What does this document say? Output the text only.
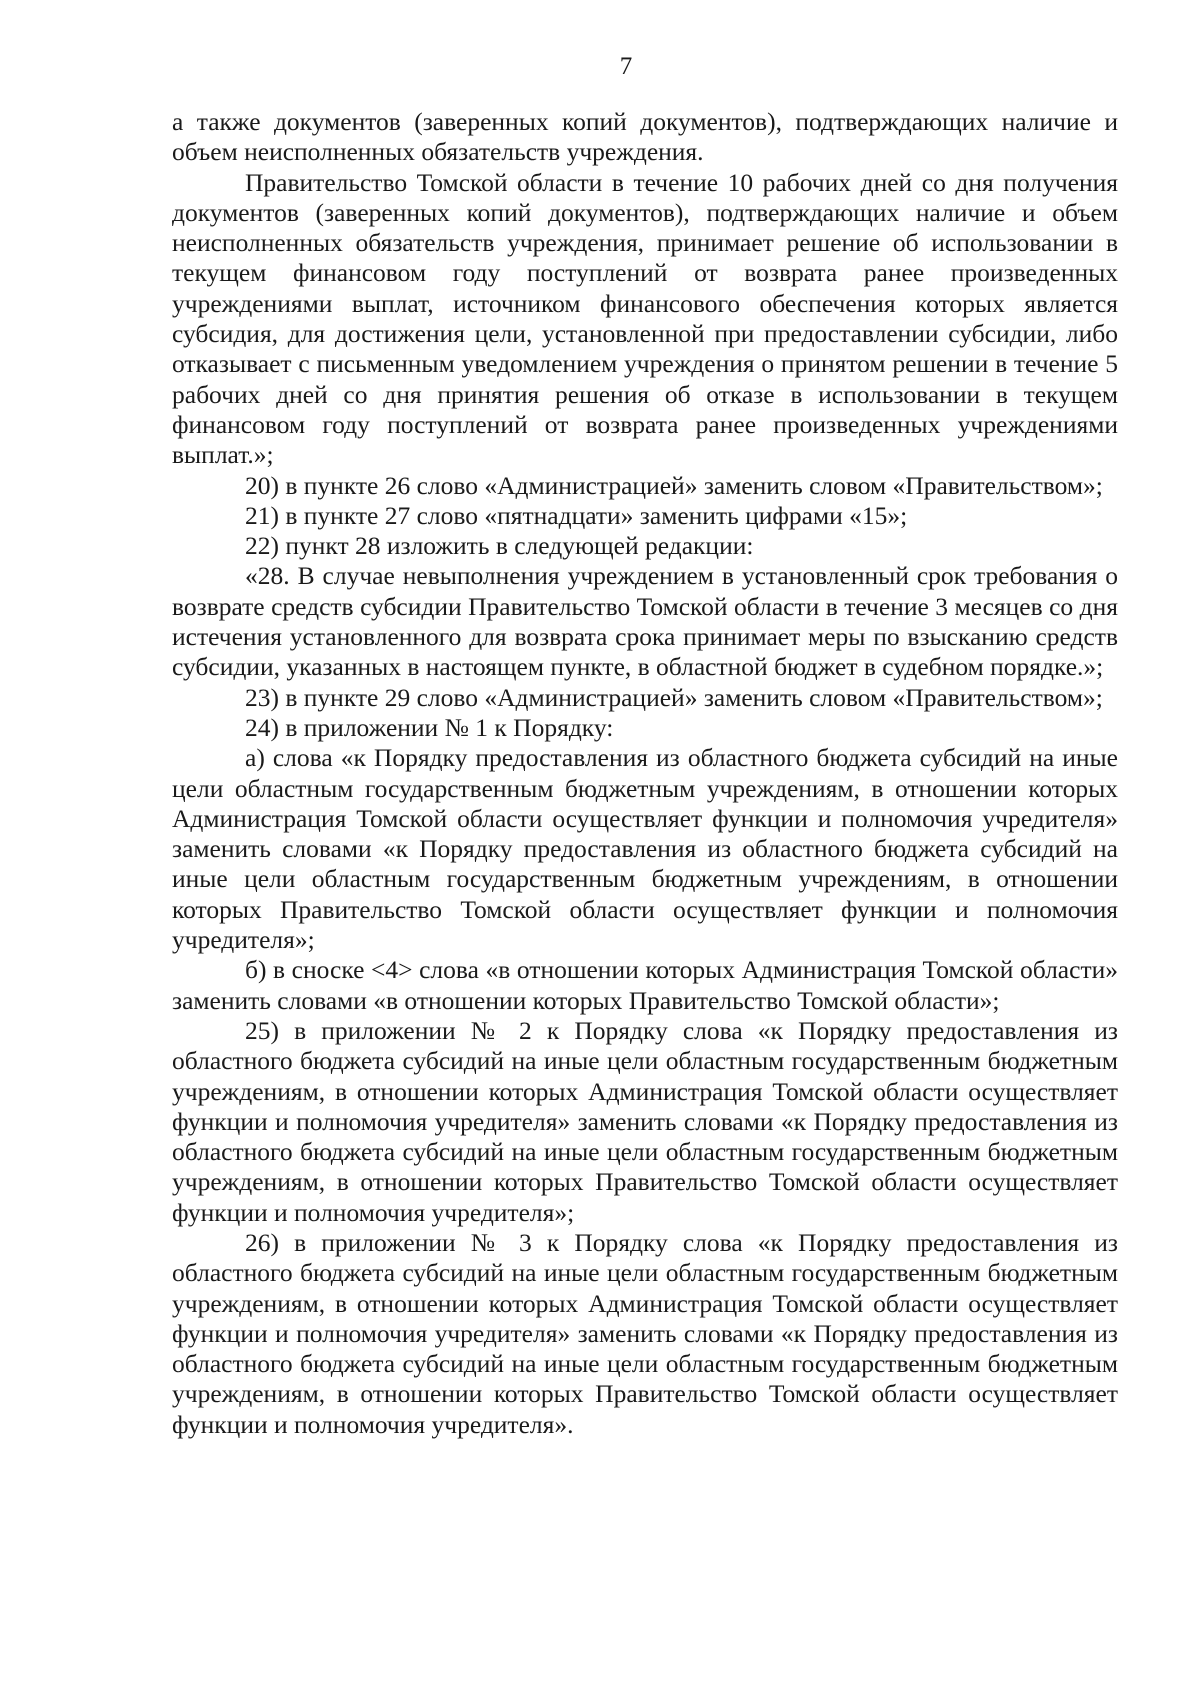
7

а также документов (заверенных копий документов), подтверждающих наличие и объем неисполненных обязательств учреждения.

Правительство Томской области в течение 10 рабочих дней со дня получения документов (заверенных копий документов), подтверждающих наличие и объем неисполненных обязательств учреждения, принимает решение об использовании в текущем финансовом году поступлений от возврата ранее произведенных учреждениями выплат, источником финансового обеспечения которых является субсидия, для достижения цели, установленной при предоставлении субсидии, либо отказывает с письменным уведомлением учреждения о принятом решении в течение 5 рабочих дней со дня принятия решения об отказе в использовании в текущем финансовом году поступлений от возврата ранее произведенных учреждениями выплат.»;

20) в пункте 26 слово «Администрацией» заменить словом «Правительством»;

21) в пункте 27 слово «пятнадцати» заменить цифрами «15»;

22) пункт 28 изложить в следующей редакции:

«28. В случае невыполнения учреждением в установленный срок требования о возврате средств субсидии Правительство Томской области в течение 3 месяцев со дня истечения установленного для возврата срока принимает меры по взысканию средств субсидии, указанных в настоящем пункте, в областной бюджет в судебном порядке.»;

23) в пункте 29 слово «Администрацией» заменить словом «Правительством»;

24) в приложении № 1 к Порядку:

а) слова «к Порядку предоставления из областного бюджета субсидий на иные цели областным государственным бюджетным учреждениям, в отношении которых Администрация Томской области осуществляет функции и полномочия учредителя» заменить словами «к Порядку предоставления из областного бюджета субсидий на иные цели областным государственным бюджетным учреждениям, в отношении которых Правительство Томской области осуществляет функции и полномочия учредителя»;

б) в сноске <4> слова «в отношении которых Администрация Томской области» заменить словами «в отношении которых Правительство Томской области»;

25) в приложении № 2 к Порядку слова «к Порядку предоставления из областного бюджета субсидий на иные цели областным государственным бюджетным учреждениям, в отношении которых Администрация Томской области осуществляет функции и полномочия учредителя» заменить словами «к Порядку предоставления из областного бюджета субсидий на иные цели областным государственным бюджетным учреждениям, в отношении которых Правительство Томской области осуществляет функции и полномочия учредителя»;

26) в приложении № 3 к Порядку слова «к Порядку предоставления из областного бюджета субсидий на иные цели областным государственным бюджетным учреждениям, в отношении которых Администрация Томской области осуществляет функции и полномочия учредителя» заменить словами «к Порядку предоставления из областного бюджета субсидий на иные цели областным государственным бюджетным учреждениям, в отношении которых Правительство Томской области осуществляет функции и полномочия учредителя».
